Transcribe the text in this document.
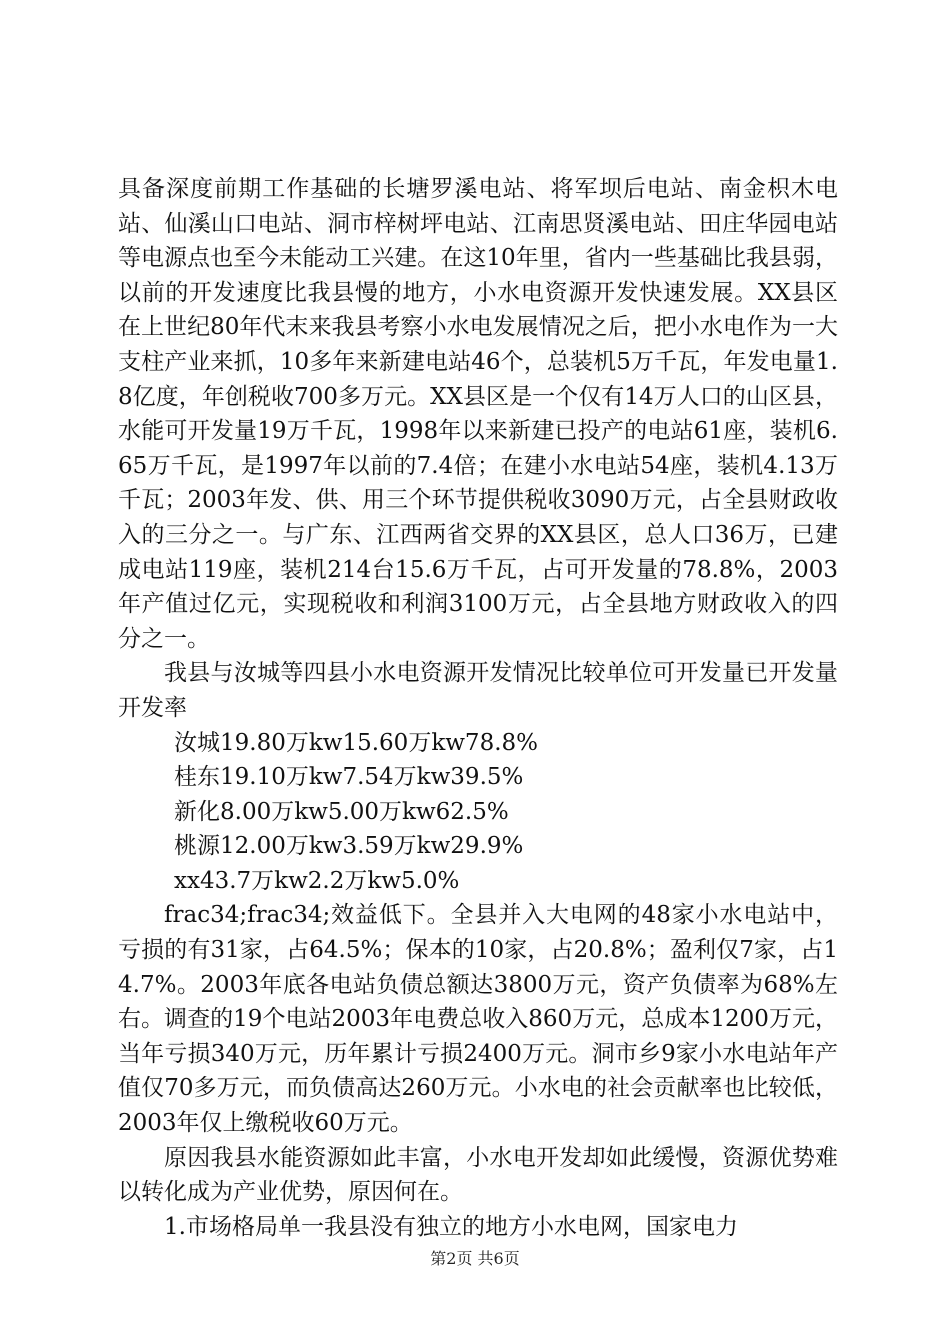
具备深度前期工作基础的长塘罗溪电站、将军坝后电站、南金枳木电站、仙溪山口电站、洞市梓树坪电站、江南思贤溪电站、田庄华园电站等电源点也至今未能动工兴建。在这10年里，省内一些基础比我县弱，以前的开发速度比我县慢的地方，小水电资源开发快速发展。XX县区在上世纪80年代末来我县考察小水电发展情况之后，把小水电作为一大支柱产业来抓，10多年来新建电站46个，总装机5万千瓦，年发电量1.8亿度，年创税收700多万元。XX县区是一个仅有14万人口的山区县，水能可开发量19万千瓦，1998年以来新建已投产的电站61座，装机6.65万千瓦，是1997年以前的7.4倍；在建小水电站54座，装机4.13万千瓦；2003年发、供、用三个环节提供税收3090万元，占全县财政收入的三分之一。与广东、江西两省交界的XX县区，总人口36万，已建成电站119座，装机214台15.6万千瓦，占可开发量的78.8%，2003年产值过亿元，实现税收和利润3100万元，占全县地方财政收入的四分之一。

我县与汝城等四县小水电资源开发情况比较单位可开发量已开发量开发率

汝城19.80万kw15.60万kw78.8%

桂东19.10万kw7.54万kw39.5%

新化8.00万kw5.00万kw62.5%

桃源12.00万kw3.59万kw29.9%

xx43.7万kw2.2万kw5.0%

frac34;frac34;效益低下。全县并入大电网的48家小水电站中，亏损的有31家，占64.5%；保本的10家，占20.8%；盈利仅7家，占14.7%。2003年底各电站负债总额达3800万元，资产负债率为68%左右。调查的19个电站2003年电费总收入860万元，总成本1200万元，当年亏损340万元，历年累计亏损2400万元。洞市乡9家小水电站年产值仅70多万元，而负债高达260万元。小水电的社会贡献率也比较低，2003年仅上缴税收60万元。

原因我县水能资源如此丰富，小水电开发却如此缓慢，资源优势难以转化成为产业优势，原因何在。

1.市场格局单一我县没有独立的地方小水电网，国家电力

第2页 共6页
